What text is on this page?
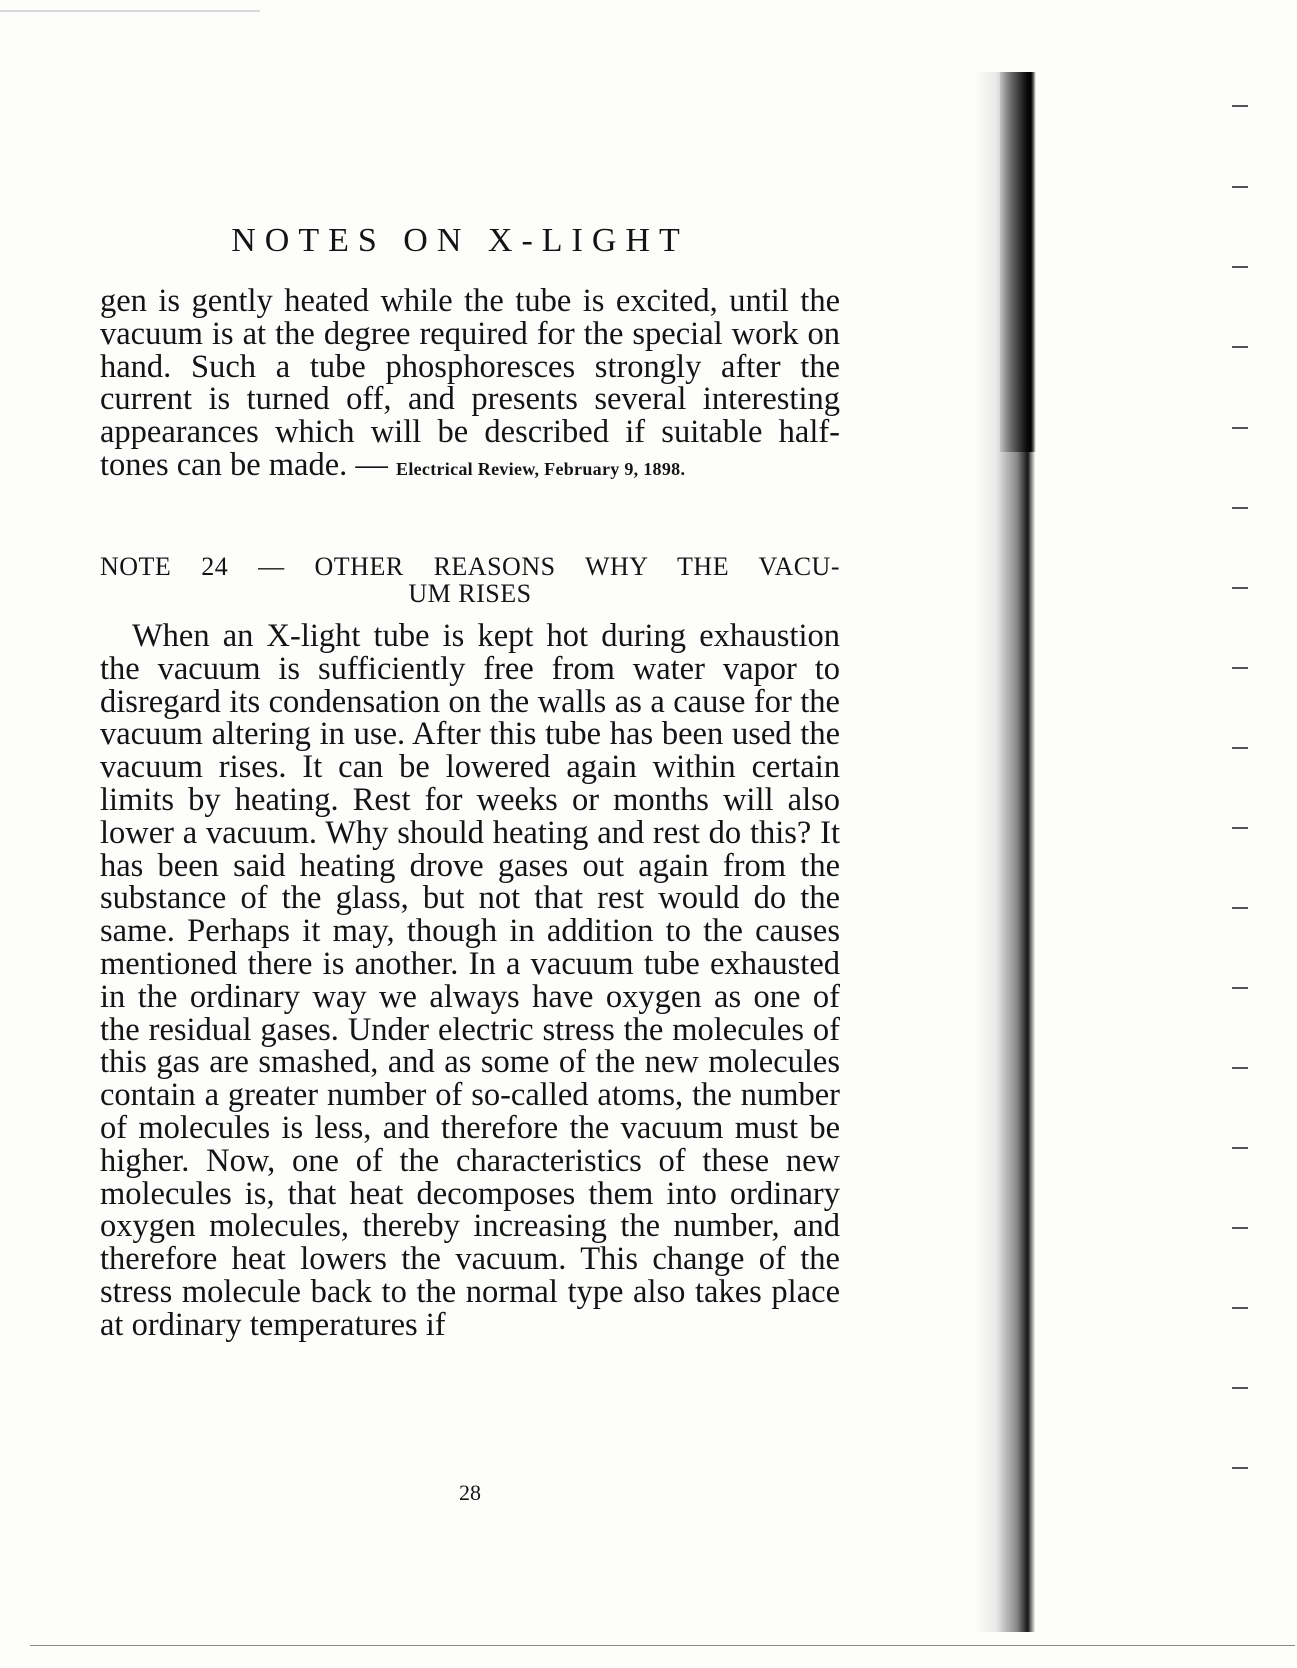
NOTES ON X-LIGHT

gen is gently heated while the tube is excited, until the vacuum is at the degree required for the special work on hand. Such a tube phosphoresces strongly after the current is turned off, and presents several interesting appearances which will be described if suitable half-tones can be made. — Electrical Review, February 9, 1898.

NOTE 24 — OTHER REASONS WHY THE VACU-
UM RISES

When an X-light tube is kept hot during exhaustion the vacuum is sufficiently free from water vapor to disregard its condensation on the walls as a cause for the vacuum altering in use. After this tube has been used the vacuum rises. It can be lowered again within certain limits by heating. Rest for weeks or months will also lower a vacuum. Why should heating and rest do this? It has been said heating drove gases out again from the substance of the glass, but not that rest would do the same. Perhaps it may, though in addition to the causes mentioned there is another. In a vacuum tube exhausted in the ordinary way we always have oxygen as one of the residual gases. Under electric stress the molecules of this gas are smashed, and as some of the new molecules contain a greater number of so-called atoms, the number of molecules is less, and therefore the vacuum must be higher. Now, one of the characteristics of these new molecules is, that heat decomposes them into ordinary oxygen molecules, thereby increasing the number, and therefore heat lowers the vacuum. This change of the stress molecule back to the normal type also takes place at ordinary temperatures if

28
